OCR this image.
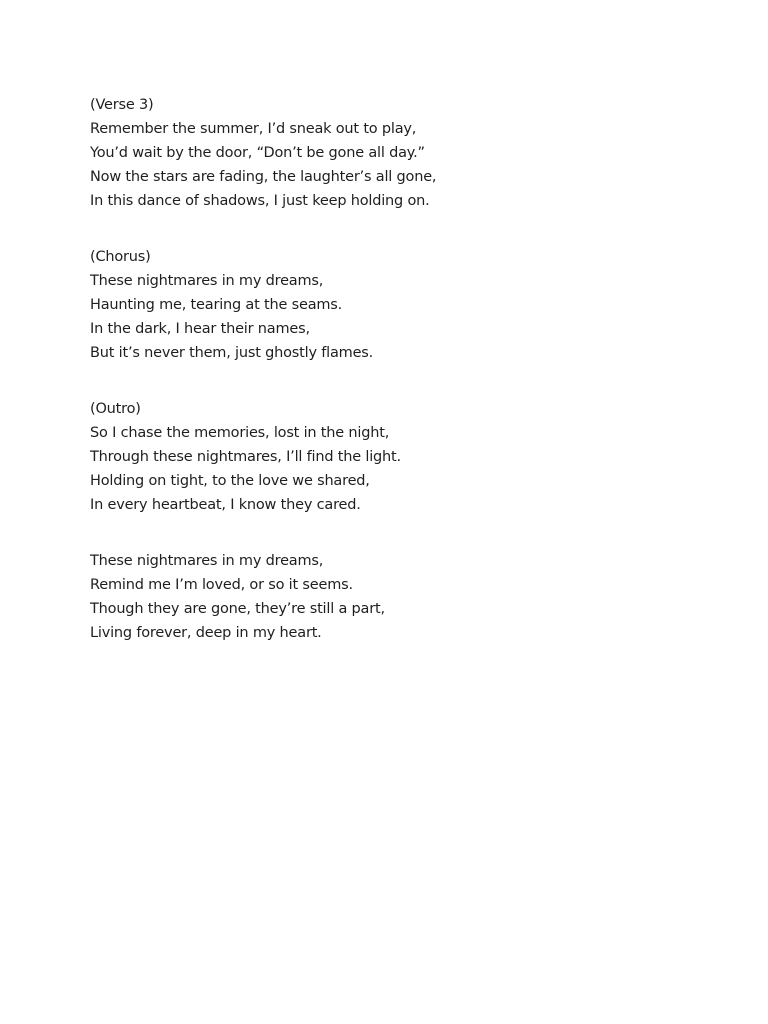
(Verse 3)
Remember the summer, I’d sneak out to play,
You’d wait by the door, “Don’t be gone all day.”
Now the stars are fading, the laughter’s all gone,
In this dance of shadows, I just keep holding on.
(Chorus)
These nightmares in my dreams,
Haunting me, tearing at the seams.
In the dark, I hear their names,
But it’s never them, just ghostly flames.
(Outro)
So I chase the memories, lost in the night,
Through these nightmares, I’ll find the light.
Holding on tight, to the love we shared,
In every heartbeat, I know they cared.
These nightmares in my dreams,
Remind me I’m loved, or so it seems.
Though they are gone, they’re still a part,
Living forever, deep in my heart.
